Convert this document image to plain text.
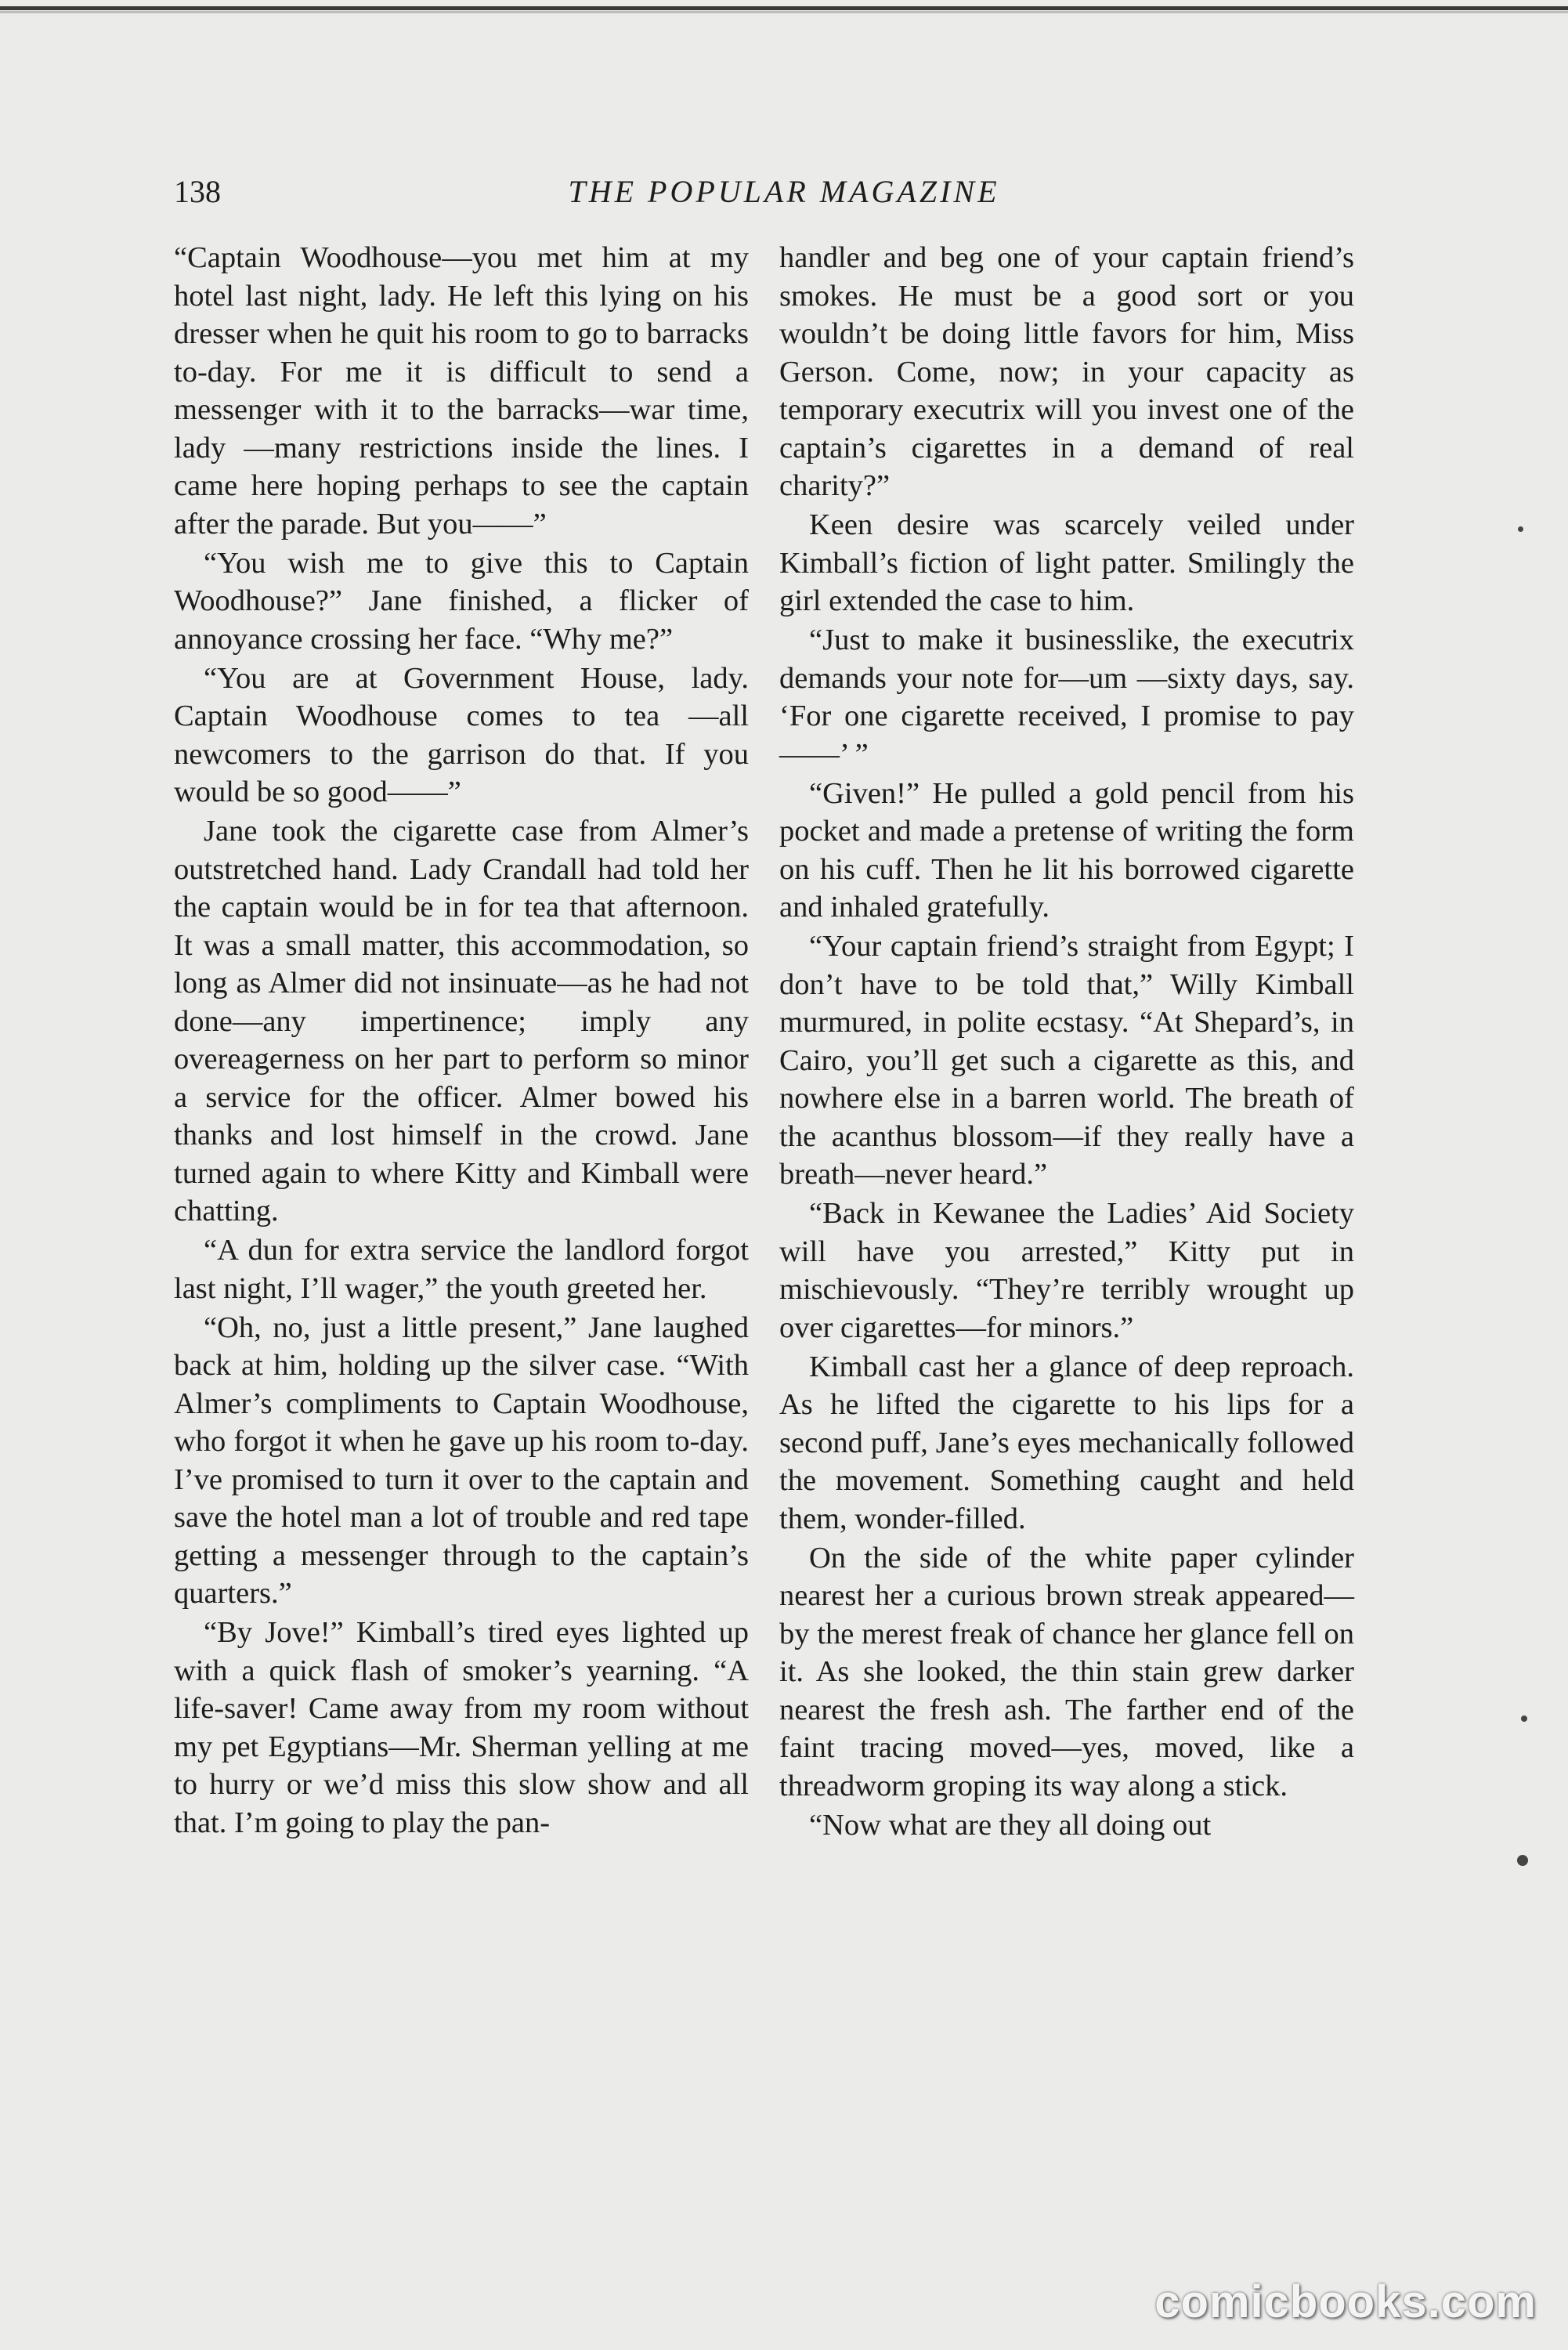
138	THE POPULAR MAGAZINE

“Captain Woodhouse—you met him at my hotel last night, lady. He left this lying on his dresser when he quit his room to go to barracks to-day. For me it is difficult to send a messenger with it to the barracks—war time, lady —many restrictions inside the lines. I came here hoping perhaps to see the captain after the parade. But you——”

“You wish me to give this to Captain Woodhouse?” Jane finished, a flicker of annoyance crossing her face. “Why me?”

“You are at Government House, lady. Captain Woodhouse comes to tea —all newcomers to the garrison do that. If you would be so good——”

Jane took the cigarette case from Almer’s outstretched hand. Lady Crandall had told her the captain would be in for tea that afternoon. It was a small matter, this accommodation, so long as Almer did not insinuate—as he had not done—any impertinence; imply any overeagerness on her part to perform so minor a service for the officer. Almer bowed his thanks and lost himself in the crowd. Jane turned again to where Kitty and Kimball were chatting.

“A dun for extra service the landlord forgot last night, I’ll wager,” the youth greeted her.

“Oh, no, just a little present,” Jane laughed back at him, holding up the silver case. “With Almer’s compliments to Captain Woodhouse, who forgot it when he gave up his room to-day. I’ve promised to turn it over to the captain and save the hotel man a lot of trouble and red tape getting a messenger through to the captain’s quarters.”

“By Jove!” Kimball’s tired eyes lighted up with a quick flash of smoker’s yearning. “A life-saver! Came away from my room without my pet Egyptians—Mr. Sherman yelling at me to hurry or we’d miss this slow show and all that. I’m going to play the pan-

handler and beg one of your captain friend’s smokes. He must be a good sort or you wouldn’t be doing little favors for him, Miss Gerson. Come, now; in your capacity as temporary executrix will you invest one of the captain’s cigarettes in a demand of real charity?”

Keen desire was scarcely veiled under Kimball’s fiction of light patter. Smilingly the girl extended the case to him.

“Just to make it businesslike, the executrix demands your note for—um —sixty days, say. ‘For one cigarette received, I promise to pay——’ ”

“Given!” He pulled a gold pencil from his pocket and made a pretense of writing the form on his cuff. Then he lit his borrowed cigarette and inhaled gratefully.

“Your captain friend’s straight from Egypt; I don’t have to be told that,” Willy Kimball murmured, in polite ecstasy. “At Shepard’s, in Cairo, you’ll get such a cigarette as this, and nowhere else in a barren world. The breath of the acanthus blossom—if they really have a breath—never heard.”

“Back in Kewanee the Ladies’ Aid Society will have you arrested,” Kitty put in mischievously. “They’re terribly wrought up over cigarettes—for minors.”

Kimball cast her a glance of deep reproach. As he lifted the cigarette to his lips for a second puff, Jane’s eyes mechanically followed the movement. Something caught and held them, wonder-filled.

On the side of the white paper cylinder nearest her a curious brown streak appeared—by the merest freak of chance her glance fell on it. As she looked, the thin stain grew darker nearest the fresh ash. The farther end of the faint tracing moved—yes, moved, like a threadworm groping its way along a stick.

“Now what are they all doing out

comicbooks.com
